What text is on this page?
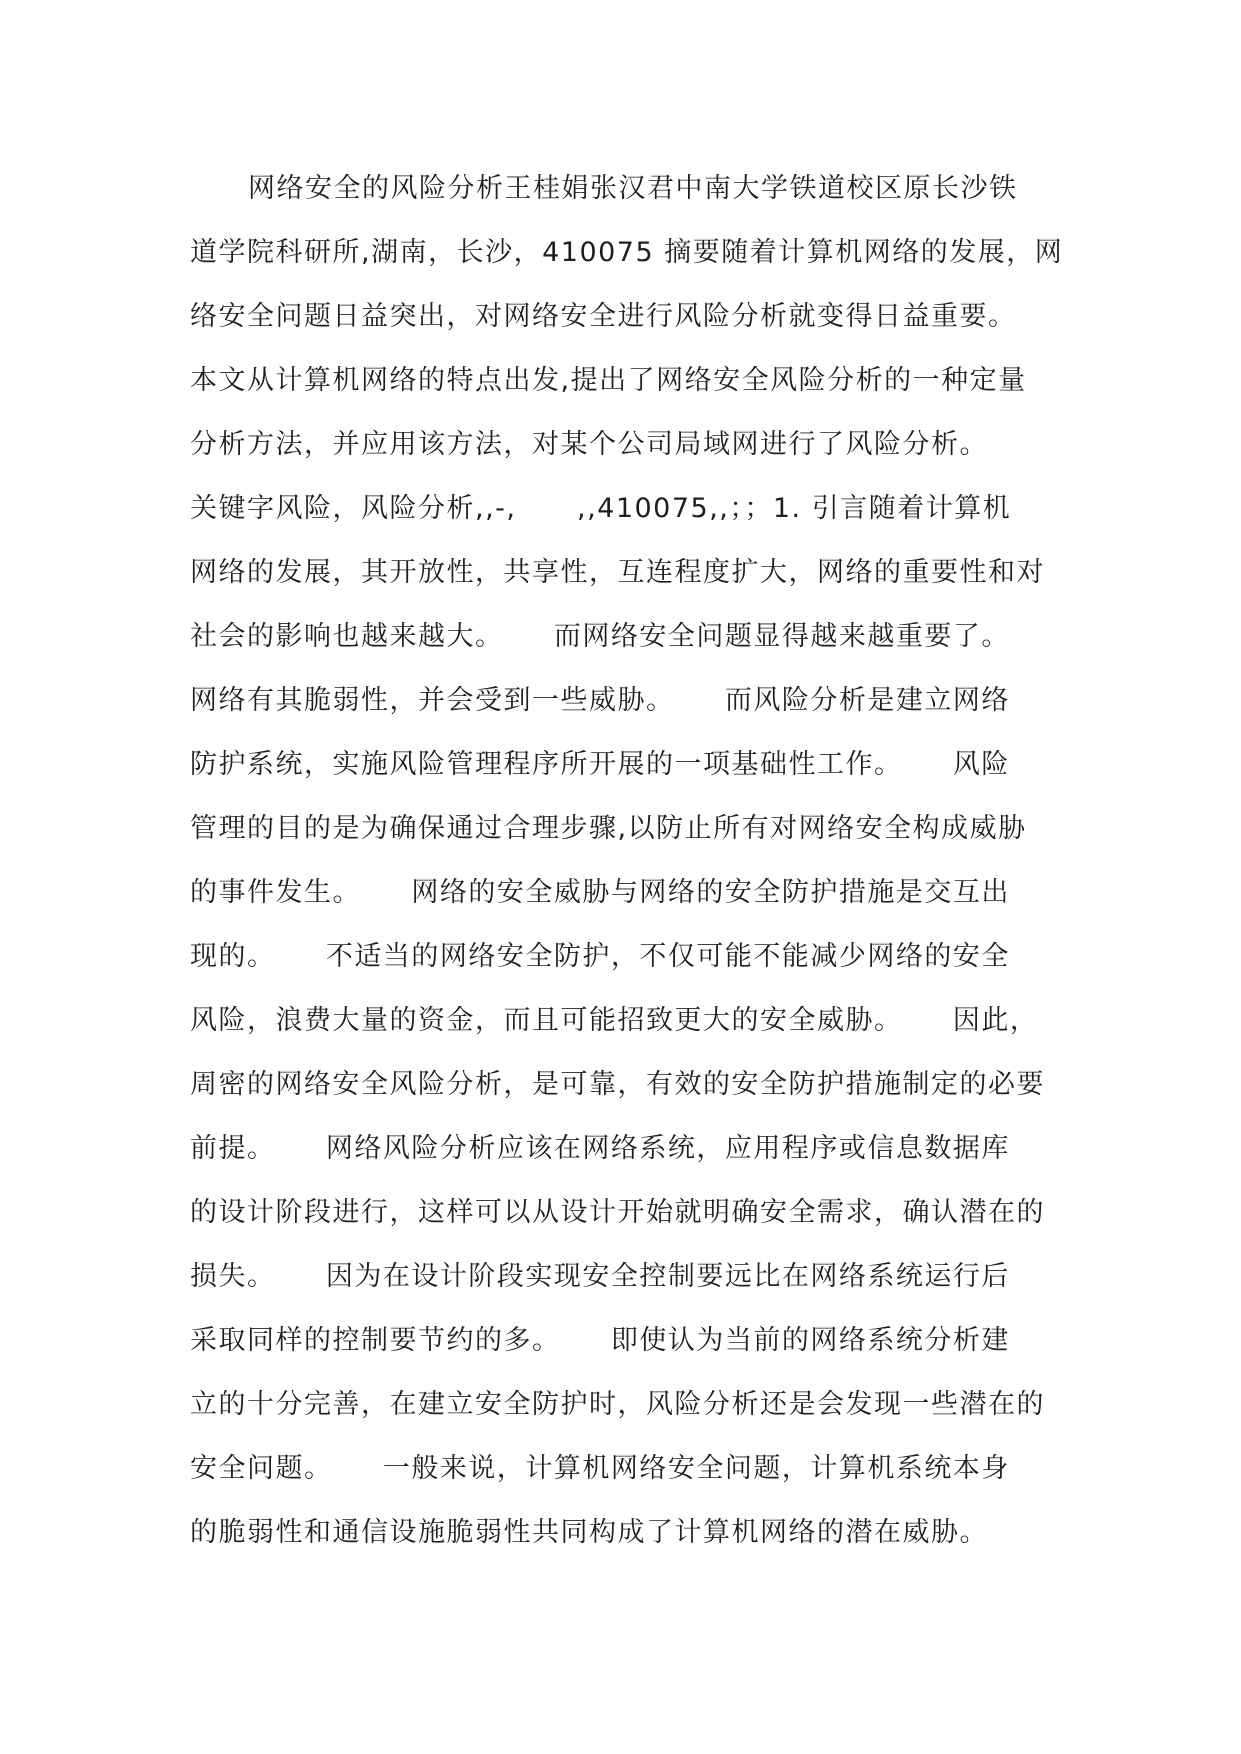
网络安全的风险分析王桂娟张汉君中南大学铁道校区原长沙铁
道学院科研所,湖南，长沙，410075 摘要随着计算机网络的发展，网
络安全问题日益突出，对网络安全进行风险分析就变得日益重要。
本文从计算机网络的特点出发,提出了网络安全风险分析的一种定量
分析方法，并应用该方法，对某个公司局域网进行了风险分析。
关键字风险，风险分析,,-,      ,,410075,,；；1. 引言随着计算机
网络的发展，其开放性，共享性，互连程度扩大，网络的重要性和对
社会的影响也越来越大。     而网络安全问题显得越来越重要了。
网络有其脆弱性，并会受到一些威胁。     而风险分析是建立网络
防护系统，实施风险管理程序所开展的一项基础性工作。     风险
管理的目的是为确保通过合理步骤,以防止所有对网络安全构成威胁
的事件发生。     网络的安全威胁与网络的安全防护措施是交互出
现的。     不适当的网络安全防护，不仅可能不能减少网络的安全
风险，浪费大量的资金，而且可能招致更大的安全威胁。     因此，
周密的网络安全风险分析，是可靠，有效的安全防护措施制定的必要
前提。     网络风险分析应该在网络系统，应用程序或信息数据库
的设计阶段进行，这样可以从设计开始就明确安全需求，确认潜在的
损失。     因为在设计阶段实现安全控制要远比在网络系统运行后
采取同样的控制要节约的多。     即使认为当前的网络系统分析建
立的十分完善，在建立安全防护时，风险分析还是会发现一些潜在的
安全问题。     一般来说，计算机网络安全问题，计算机系统本身
的脆弱性和通信设施脆弱性共同构成了计算机网络的潜在威胁。
